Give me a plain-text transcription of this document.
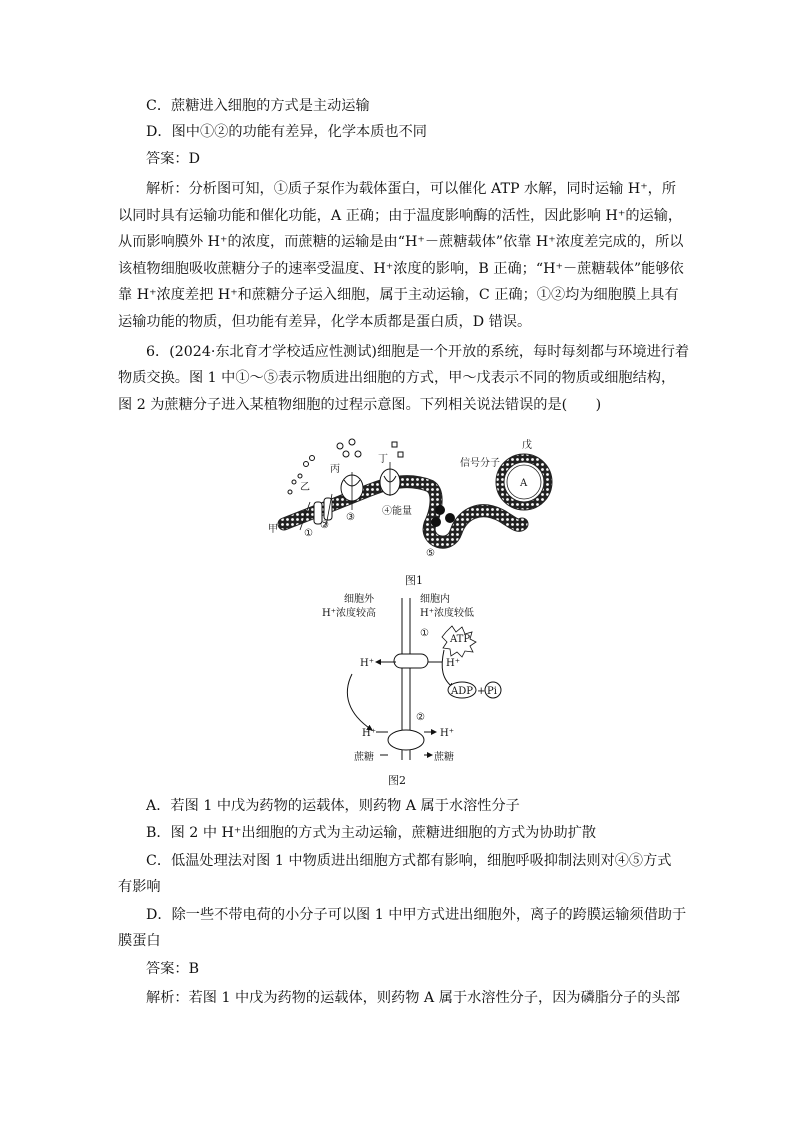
C．蔗糖进入细胞的方式是主动运输
D．图中①②的功能有差异，化学本质也不同
答案：D
解析：分析图可知，①质子泵作为载体蛋白，可以催化 ATP 水解，同时运输 H⁺，所
以同时具有运输功能和催化功能，A 正确；由于温度影响酶的活性，因此影响 H⁺的运输，
从而影响膜外 H⁺的浓度，而蔗糖的运输是由“H⁺－蔗糖载体”依靠 H⁺浓度差完成的，所以
该植物细胞吸收蔗糖分子的速率受温度、H⁺浓度的影响，B 正确；“H⁺－蔗糖载体”能够依
靠 H⁺浓度差把 H⁺和蔗糖分子运入细胞，属于主动运输，C 正确；①②均为细胞膜上具有
运输功能的物质，但功能有差异，化学本质都是蛋白质，D 错误。
6．(2024·东北育才学校适应性测试)细胞是一个开放的系统，每时每刻都与环境进行着
物质交换。图 1 中①～⑤表示物质进出细胞的方式，甲～戊表示不同的物质或细胞结构，
图 2 为蔗糖分子进入某植物细胞的过程示意图。下列相关说法错误的是(　　)
A．若图 1 中戊为药物的运载体，则药物 A 属于水溶性分子
B．图 2 中 H⁺出细胞的方式为主动运输，蔗糖进细胞的方式为协助扩散
C．低温处理法对图 1 中物质进出细胞方式都有影响，细胞呼吸抑制法则对④⑤方式
有影响
D．除一些不带电荷的小分子可以图 1 中甲方式进出细胞外，离子的跨膜运输须借助于
膜蛋白
答案：B
解析：若图 1 中戊为药物的运载体，则药物 A 属于水溶性分子，因为磷脂分子的头部
甲
乙
丙
丁
戊
A
信号分子
④能量
①
②
③
⑤
图1
细胞外
H⁺浓度较高
细胞内
H⁺浓度较低
①
H⁺	H⁺
ATP
ADP + Pi
②
H⁺	H⁺
蔗糖	蔗糖
图2
